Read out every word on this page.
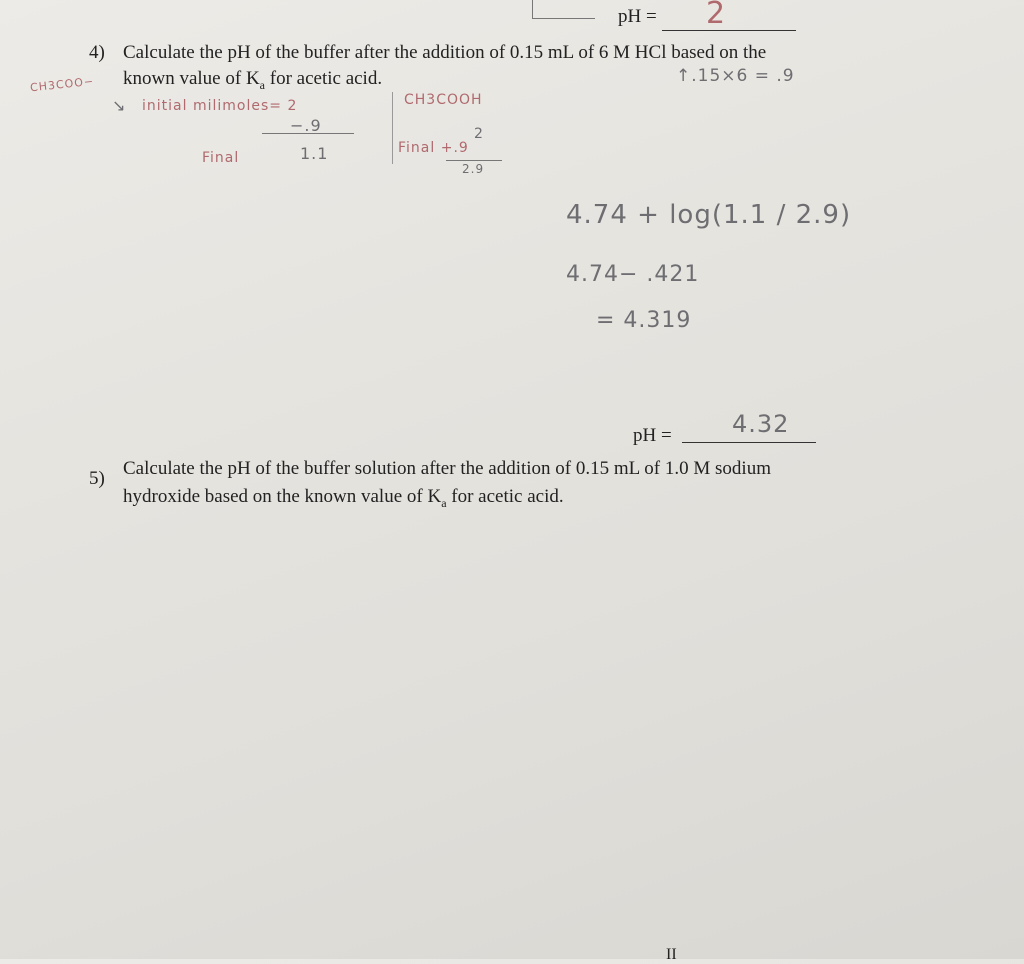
pH = 2
4) Calculate the pH of the buffer after the addition of 0.15 mL of 6 M HCl based on the
known value of $K_a$ for acetic acid.	↑.15×6 = .9
CH3COO−
↘ initial milimoles= 2
−.9
Final	1.1
CH3COOH
2
Final +.9
2.9
4.74 + log(1.1 / 2.9)
4.74− .421
= 4.319
pH =	4.32
5) Calculate the pH of the buffer solution after the addition of 0.15 mL of 1.0 M sodium
hydroxide based on the known value of $K_a$ for acetic acid.
II
